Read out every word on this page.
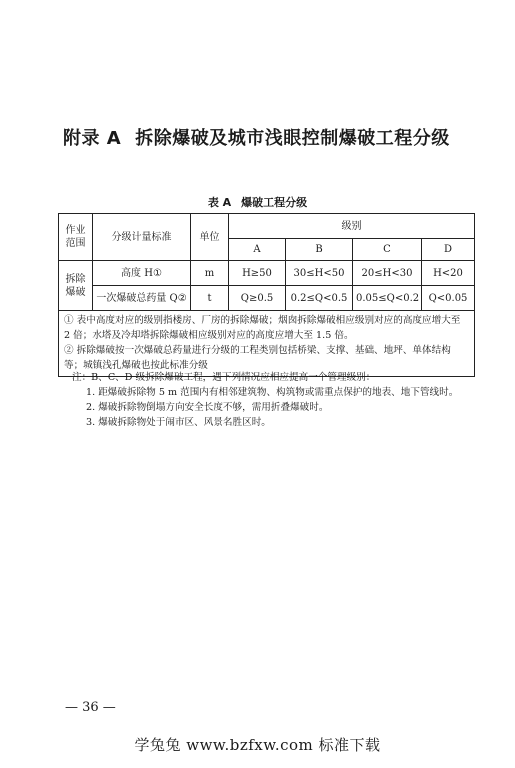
附录 A 拆除爆破及城市浅眼控制爆破工程分级
表 A 爆破工程分级
作业范围	分级计量标准	单位	级别			
			A	B	C	D
拆除爆破	高度 H①	m	H≥50	30≤H<50	20≤H<30	H<20
	一次爆破总药量 Q②	t	Q≥0.5	0.2≤Q<0.5	0.05≤Q<0.2	Q<0.05

① 表中高度对应的级别指楼房、厂房的拆除爆破；烟囱拆除爆破相应级别对应的高度应增大至 2 倍；水塔及冷却塔拆除爆破相应级别对应的高度应增大至 1.5 倍。
② 拆除爆破按一次爆破总药量进行分级的工程类别包括桥梁、支撑、基础、地坪、单体结构等；城镇浅孔爆破也按此标准分级						
注：B、C、D 级拆除爆破工程，遇下列情况应相应提高一个管理级别：
1. 距爆破拆除物 5 m 范围内有相邻建筑物、构筑物或需重点保护的地表、地下管线时。
2. 爆破拆除物倒塌方向安全长度不够，需用折叠爆破时。
3. 爆破拆除物处于闹市区、风景名胜区时。
— 36 —
学兔兔 www.bzfxw.com 标准下载
